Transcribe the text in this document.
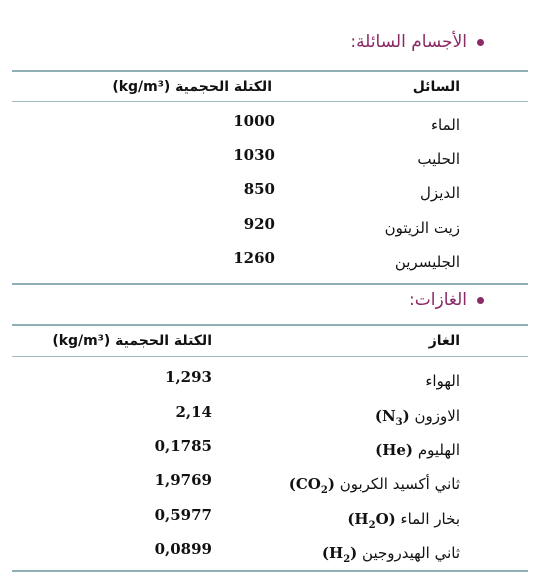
الأجسام السائلة:
السائل
الكتلة الحجمية (kg/m³)
الماء
1000
الحليب
1030
الديزل
850
زيت الزيتون
920
الجليسرين
1260
الغازات:
الغاز
الكتلة الحجمية (kg/m³)
الهواء
1,293
الاوزون $(N_3)$
2,14
الهليوم (He)
0,1785
ثاني أكسيد الكربون $(CO_2)$
1,9769
بخار الماء $(H_2O)$
0,5977
ثاني الهيدروجين $(H_2)$
0,0899
